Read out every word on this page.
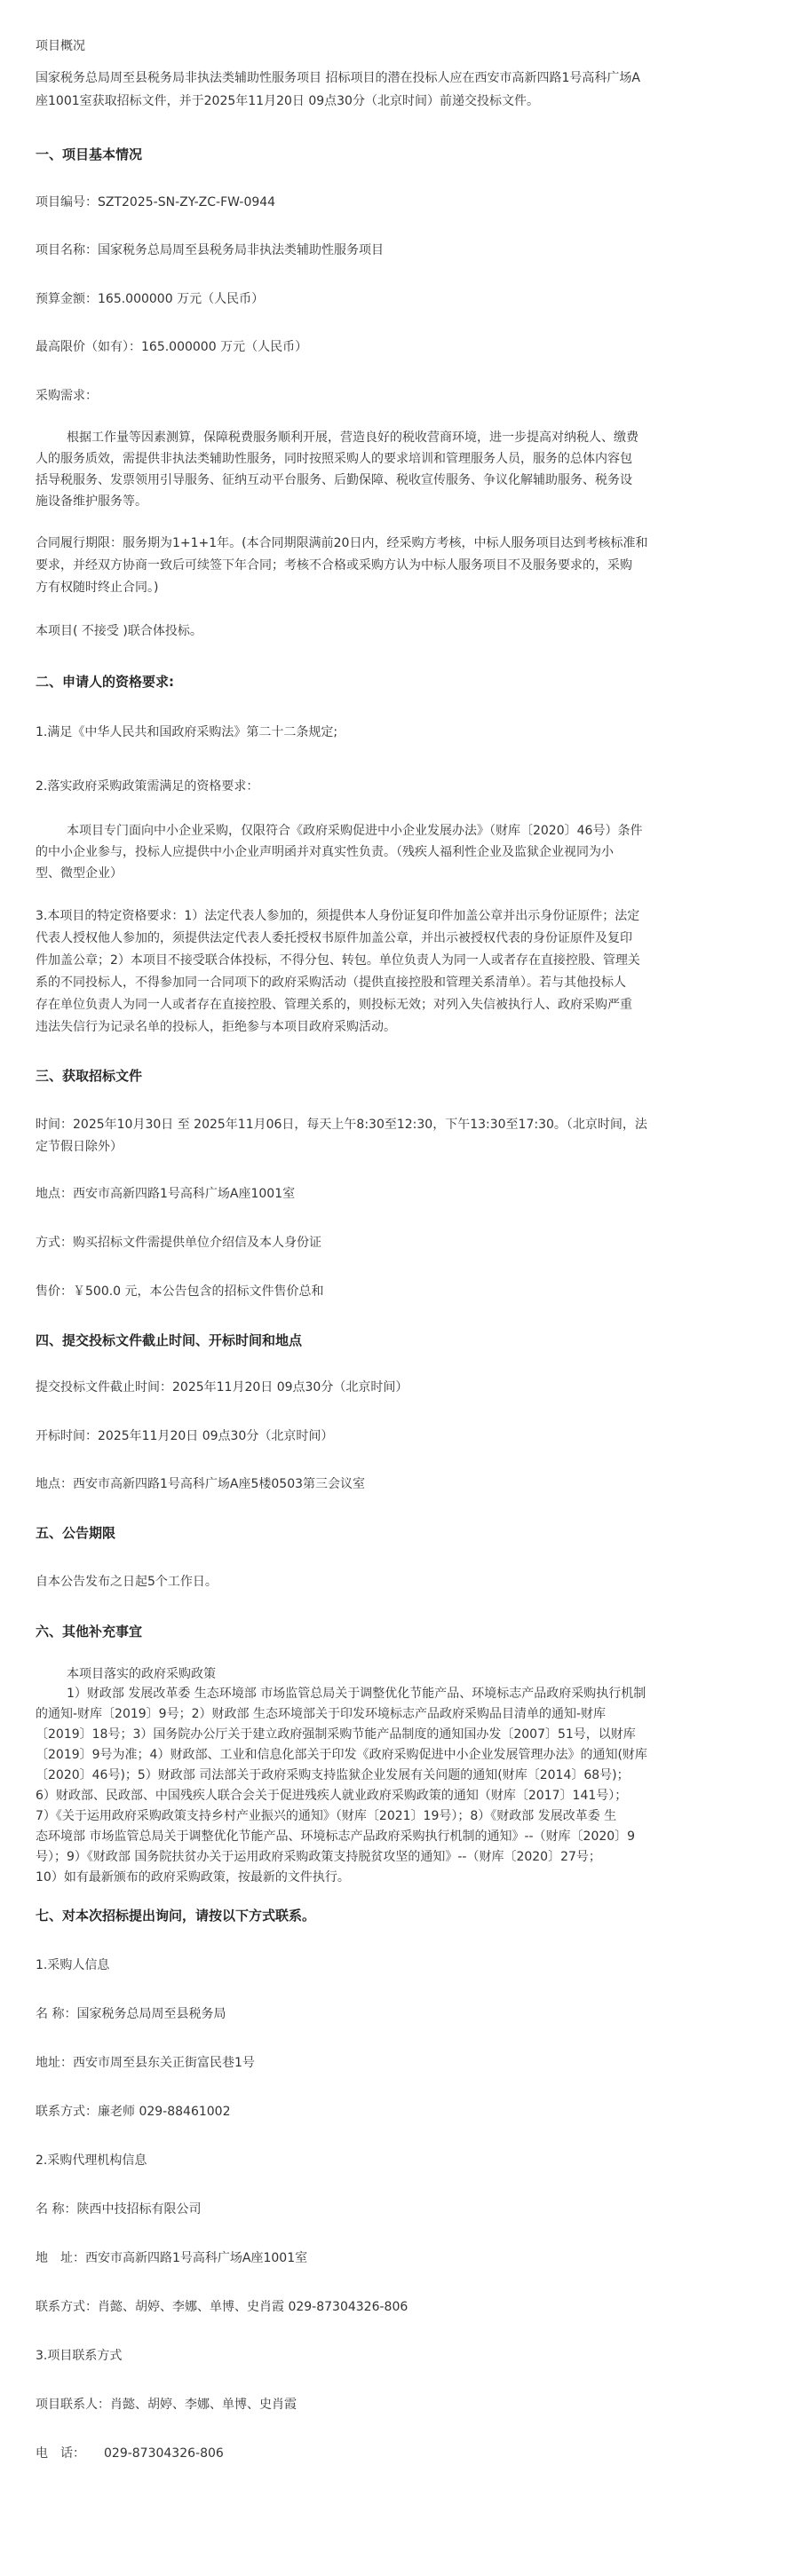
项目概况
国家税务总局周至县税务局非执法类辅助性服务项目 招标项目的潜在投标人应在西安市高新四路1号高科广场A
座1001室获取招标文件，并于2025年11月20日 09点30分（北京时间）前递交投标文件。
一、项目基本情况
项目编号：SZT2025-SN-ZY-ZC-FW-0944
项目名称：国家税务总局周至县税务局非执法类辅助性服务项目
预算金额：165.000000 万元（人民币）
最高限价（如有）：165.000000 万元（人民币）
采购需求：
根据工作量等因素测算，保障税费服务顺利开展，营造良好的税收营商环境，进一步提高对纳税人、缴费
人的服务质效，需提供非执法类辅助性服务，同时按照采购人的要求培训和管理服务人员，服务的总体内容包
括导税服务、发票领用引导服务、征纳互动平台服务、后勤保障、税收宣传服务、争议化解辅助服务、税务设
施设备维护服务等。
合同履行期限：服务期为1+1+1年。(本合同期限满前20日内，经采购方考核，中标人服务项目达到考核标准和
要求，并经双方协商一致后可续签下年合同；考核不合格或采购方认为中标人服务项目不及服务要求的，采购
方有权随时终止合同。)
本项目( 不接受 )联合体投标。
二、申请人的资格要求:
1.满足《中华人民共和国政府采购法》第二十二条规定;
2.落实政府采购政策需满足的资格要求：
本项目专门面向中小企业采购，仅限符合《政府采购促进中小企业发展办法》（财库〔2020〕46号）条件
的中小企业参与，投标人应提供中小企业声明函并对真实性负责。（残疾人福利性企业及监狱企业视同为小
型、微型企业）
3.本项目的特定资格要求：1）法定代表人参加的，须提供本人身份证复印件加盖公章并出示身份证原件；法定
代表人授权他人参加的，须提供法定代表人委托授权书原件加盖公章，并出示被授权代表的身份证原件及复印
件加盖公章；2）本项目不接受联合体投标，不得分包、转包。单位负责人为同一人或者存在直接控股、管理关
系的不同投标人，不得参加同一合同项下的政府采购活动（提供直接控股和管理关系清单）。若与其他投标人
存在单位负责人为同一人或者存在直接控股、管理关系的，则投标无效；对列入失信被执行人、政府采购严重
违法失信行为记录名单的投标人，拒绝参与本项目政府采购活动。
三、获取招标文件
时间：2025年10月30日 至 2025年11月06日，每天上午8:30至12:30，下午13:30至17:30。（北京时间，法
定节假日除外）
地点：西安市高新四路1号高科广场A座1001室
方式：购买招标文件需提供单位介绍信及本人身份证
售价：￥500.0 元，本公告包含的招标文件售价总和
四、提交投标文件截止时间、开标时间和地点
提交投标文件截止时间：2025年11月20日 09点30分（北京时间）
开标时间：2025年11月20日 09点30分（北京时间）
地点：西安市高新四路1号高科广场A座5楼0503第三会议室
五、公告期限
自本公告发布之日起5个工作日。
六、其他补充事宜
本项目落实的政府采购政策
1）财政部 发展改革委 生态环境部 市场监管总局关于调整优化节能产品、环境标志产品政府采购执行机制
的通知-财库〔2019〕9号；2）财政部 生态环境部关于印发环境标志产品政府采购品目清单的通知-财库
〔2019〕18号；3）国务院办公厅关于建立政府强制采购节能产品制度的通知国办发〔2007〕51号，以财库
〔2019〕9号为准；4）财政部、工业和信息化部关于印发《政府采购促进中小企业发展管理办法》的通知(财库
〔2020〕46号)；5）财政部 司法部关于政府采购支持监狱企业发展有关问题的通知(财库〔2014〕68号)；
6）财政部、民政部、中国残疾人联合会关于促进残疾人就业政府采购政策的通知（财库〔2017〕141号）；
7）《关于运用政府采购政策支持乡村产业振兴的通知》（财库〔2021〕19号）；8）《财政部 发展改革委 生
态环境部 市场监管总局关于调整优化节能产品、环境标志产品政府采购执行机制的通知》--（财库〔2020〕9
号）；9）《财政部 国务院扶贫办关于运用政府采购政策支持脱贫攻坚的通知》--（财库〔2020〕27号；
10）如有最新颁布的政府采购政策，按最新的文件执行。
七、对本次招标提出询问，请按以下方式联系。
1.采购人信息
名 称：国家税务总局周至县税务局
地址：西安市周至县东关正街富民巷1号
联系方式：廉老师 029-88461002
2.采购代理机构信息
名 称：陕西中技招标有限公司
地　址：西安市高新四路1号高科广场A座1001室
联系方式：肖懿、胡婷、李娜、单博、史肖霞 029-87304326-806
3.项目联系方式
项目联系人：肖懿、胡婷、李娜、单博、史肖霞
电　话：　　029-87304326-806
